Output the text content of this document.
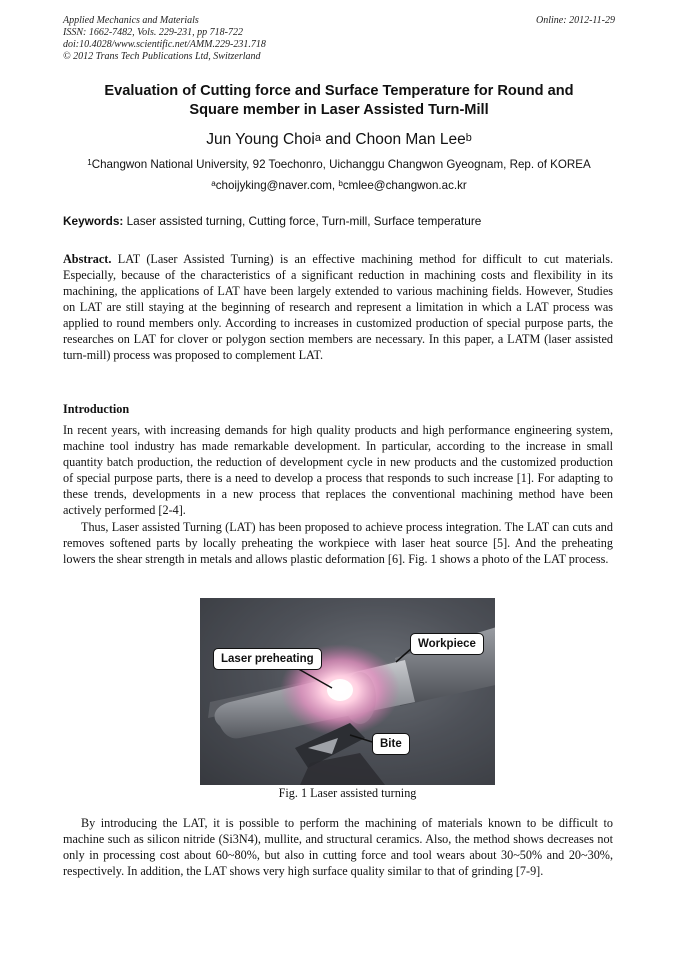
Applied Mechanics and Materials
ISSN: 1662-7482, Vols. 229-231, pp 718-722
doi:10.4028/www.scientific.net/AMM.229-231.718
© 2012 Trans Tech Publications Ltd, Switzerland
Online: 2012-11-29
Evaluation of Cutting force and Surface Temperature for Round and
Square member in Laser Assisted Turn-Mill
Jun Young Choi$^a$ and Choon Man Lee$^b$
$^1$Changwon National University, 92 Toechonro, Uichanggu Changwon Gyeognam, Rep. of KOREA
$^a$choijyking@naver.com, $^b$cmlee@changwon.ac.kr
Keywords: Laser assisted turning, Cutting force, Turn-mill, Surface temperature
Abstract. LAT (Laser Assisted Turning) is an effective machining method for difficult to cut materials. Especially, because of the characteristics of a significant reduction in machining costs and flexibility in its machining, the applications of LAT have been largely extended to various machining fields. However, Studies on LAT are still staying at the beginning of research and represent a limitation in which a LAT process was applied to round members only. According to increases in customized production of special purpose parts, the researches on LAT for clover or polygon section members are necessary. In this paper, a LATM (laser assisted turn-mill) process was proposed to complement LAT.
Introduction
In recent years, with increasing demands for high quality products and high performance engineering system, machine tool industry has made remarkable development. In particular, according to the increase in small quantity batch production, the reduction of development cycle in new products and the customized production of special purpose parts, there is a need to develop a process that responds to such increase [1]. For adapting to these trends, developments in a new process that replaces the conventional machining method have been actively performed [2-4].
Thus, Laser assisted Turning (LAT) has been proposed to achieve process integration. The LAT can cuts and removes softened parts by locally preheating the workpiece with laser heat source [5]. And the preheating lowers the shear strength in metals and allows plastic deformation [6]. Fig. 1 shows a photo of the LAT process.
Laser preheating
Workpiece
Bite
Fig. 1 Laser assisted turning
By introducing the LAT, it is possible to perform the machining of materials known to be difficult to machine such as silicon nitride (Si3N4), mullite, and structural ceramics. Also, the method shows decreases not only in processing cost about 60~80%, but also in cutting force and tool wears about 30~50% and 20~30%, respectively. In addition, the LAT shows very high surface quality similar to that of grinding [7-9].
